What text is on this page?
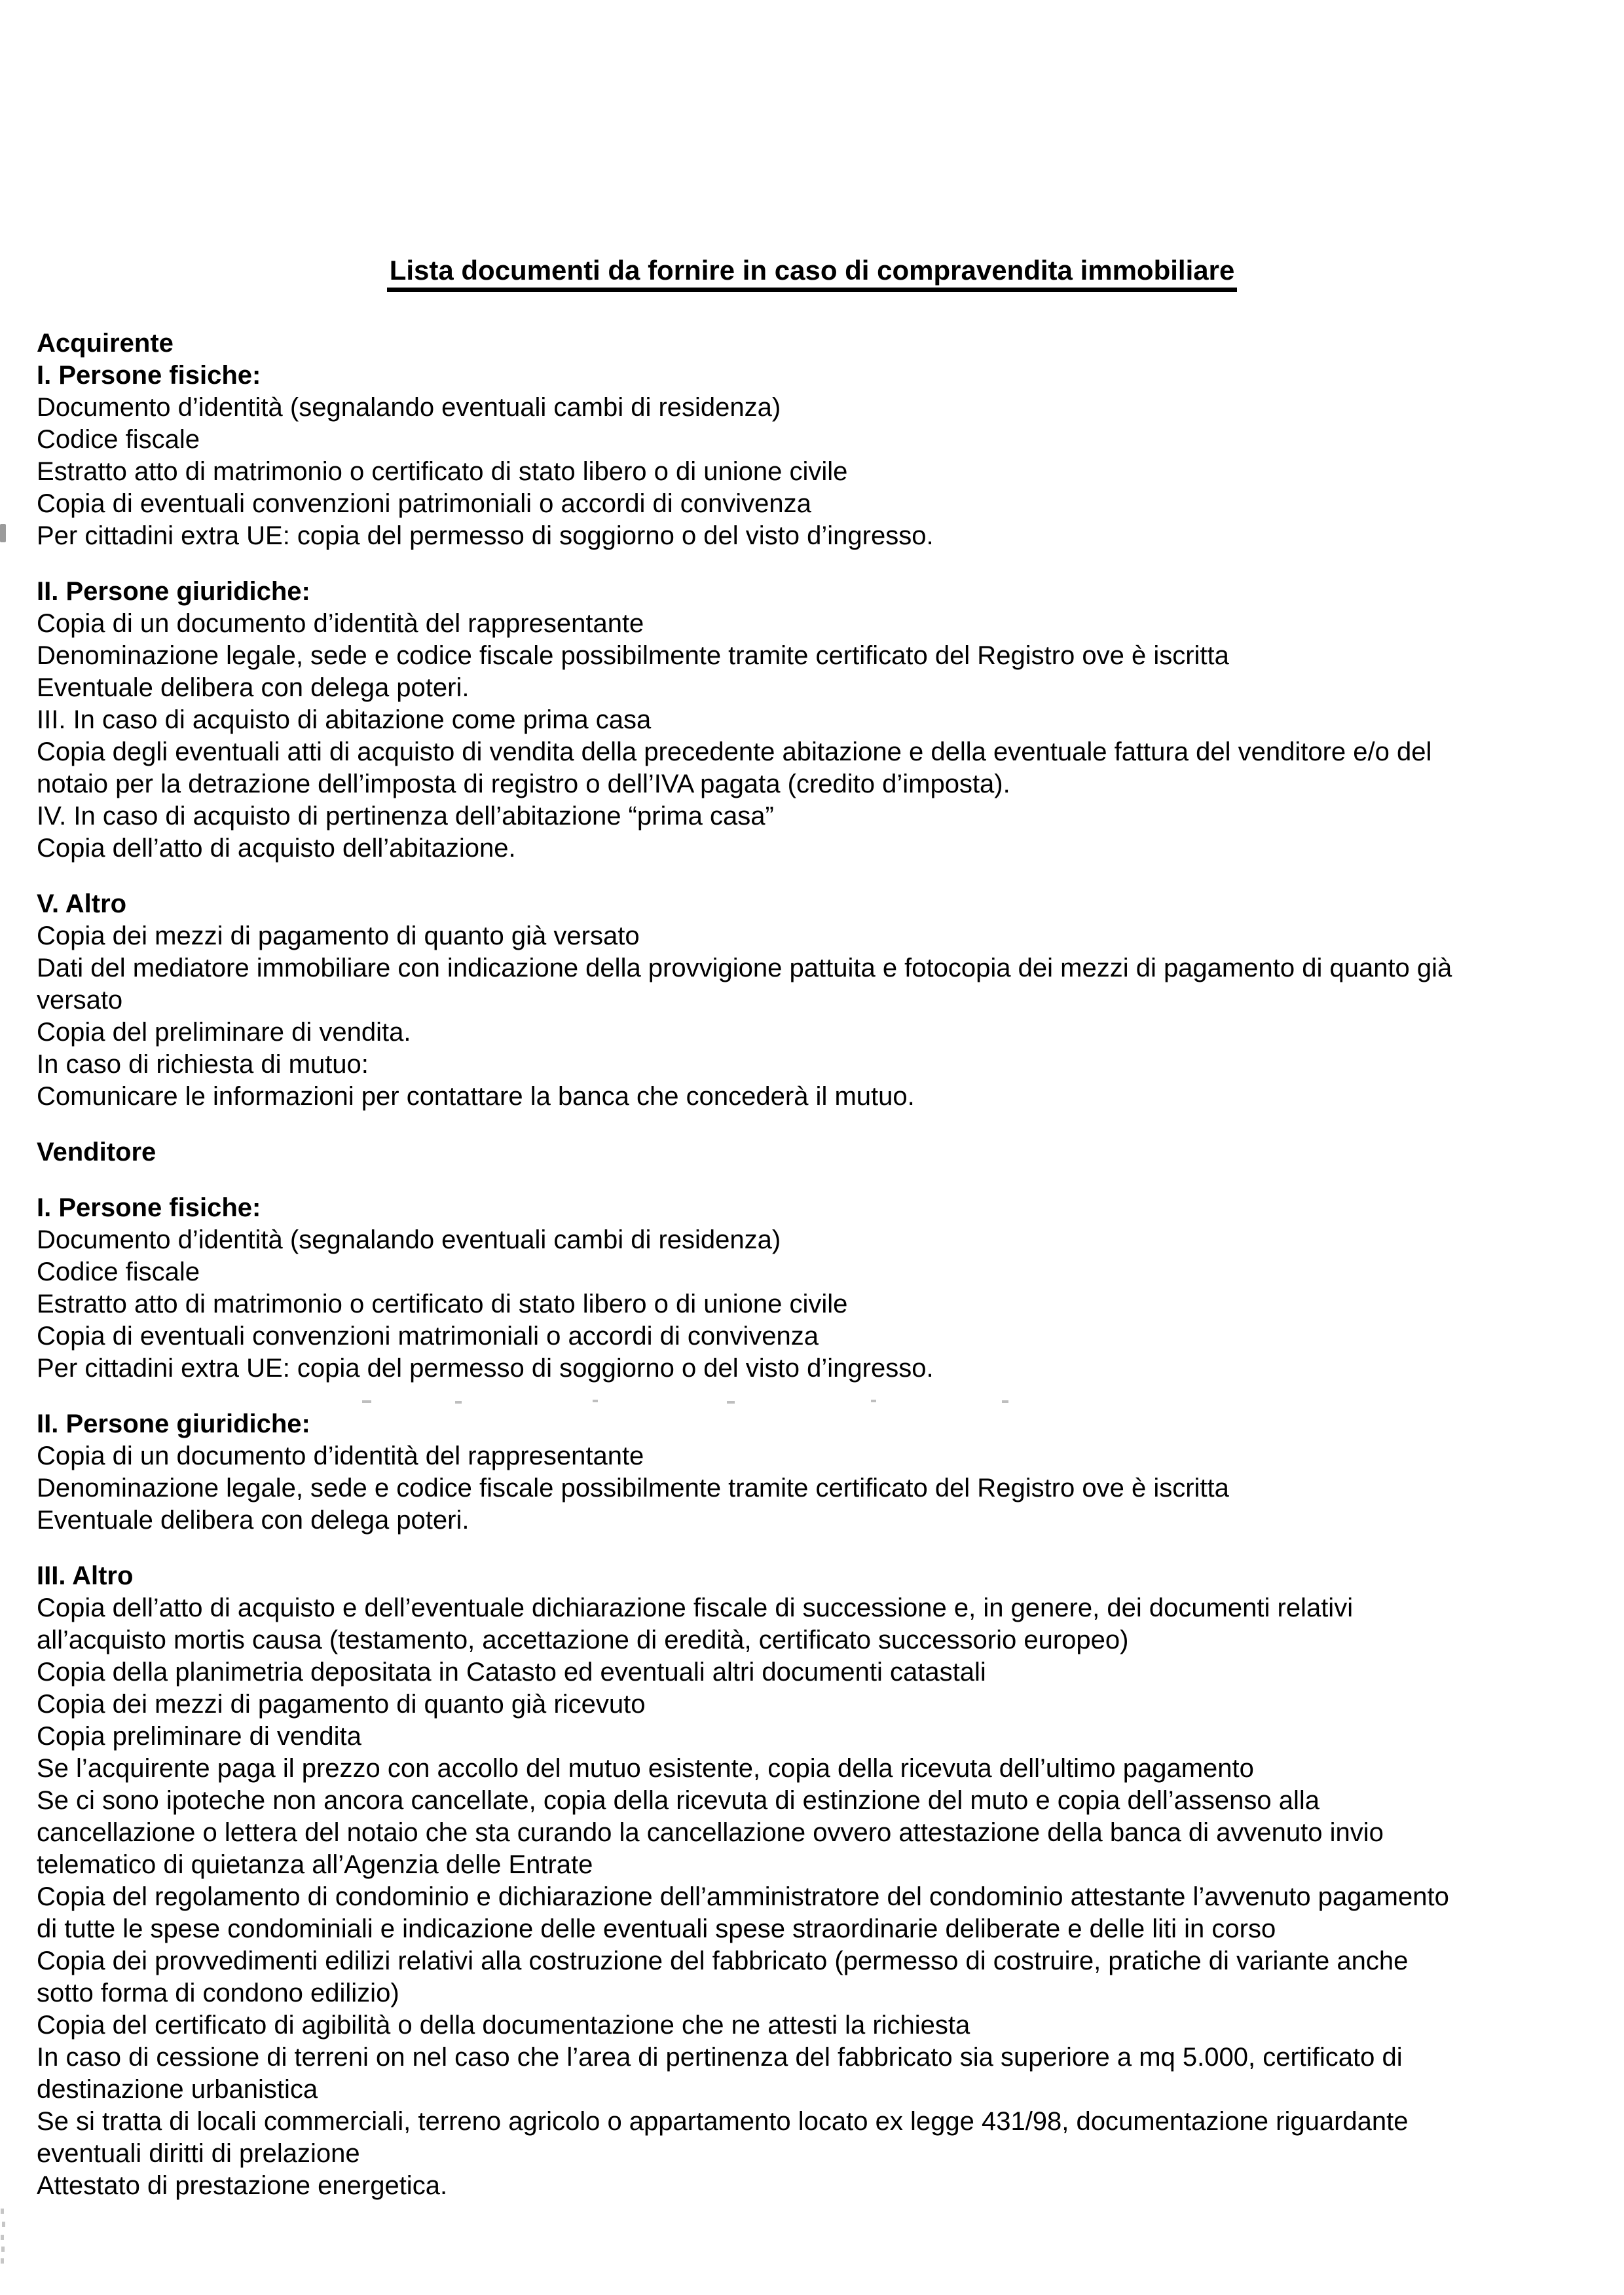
Lista documenti da fornire in caso di compravendita immobiliare
Acquirente
I. Persone fisiche:
Documento d’identità (segnalando eventuali cambi di residenza)
Codice fiscale
Estratto atto di matrimonio o certificato di stato libero o di unione civile
Copia di eventuali convenzioni patrimoniali o accordi di convivenza
Per cittadini extra UE: copia del permesso di soggiorno o del visto d’ingresso.
II. Persone giuridiche:
Copia di un documento d’identità del rappresentante
Denominazione legale, sede e codice fiscale possibilmente tramite certificato del Registro ove è iscritta
Eventuale delibera con delega poteri.
III. In caso di acquisto di abitazione come prima casa
Copia degli eventuali atti di acquisto di vendita della precedente abitazione e della eventuale fattura del venditore e/o del
notaio per la detrazione dell’imposta di registro o dell’IVA pagata (credito d’imposta).
IV. In caso di acquisto di pertinenza dell’abitazione “prima casa”
Copia dell’atto di acquisto dell’abitazione.
V. Altro
Copia dei mezzi di pagamento di quanto già versato
Dati del mediatore immobiliare con indicazione della provvigione pattuita e fotocopia dei mezzi di pagamento di quanto già
versato
Copia del preliminare di vendita.
In caso di richiesta di mutuo:
Comunicare le informazioni per contattare la banca che concederà il mutuo.
Venditore
I. Persone fisiche:
Documento d’identità (segnalando eventuali cambi di residenza)
Codice fiscale
Estratto atto di matrimonio o certificato di stato libero o di unione civile
Copia di eventuali convenzioni matrimoniali o accordi di convivenza
Per cittadini extra UE: copia del permesso di soggiorno o del visto d’ingresso.
II. Persone giuridiche:
Copia di un documento d’identità del rappresentante
Denominazione legale, sede e codice fiscale possibilmente tramite certificato del Registro ove è iscritta
Eventuale delibera con delega poteri.
III. Altro
Copia dell’atto di acquisto e dell’eventuale dichiarazione fiscale di successione e, in genere, dei documenti relativi
all’acquisto mortis causa (testamento, accettazione di eredità, certificato successorio europeo)
Copia della planimetria depositata in Catasto ed eventuali altri documenti catastali
Copia dei mezzi di pagamento di quanto già ricevuto
Copia preliminare di vendita
Se l’acquirente paga il prezzo con accollo del mutuo esistente, copia della ricevuta dell’ultimo pagamento
Se ci sono ipoteche non ancora cancellate, copia della ricevuta di estinzione del muto e copia dell’assenso alla
cancellazione o lettera del notaio che sta curando la cancellazione ovvero attestazione della banca di avvenuto invio
telematico di quietanza all’Agenzia delle Entrate
Copia del regolamento di condominio e dichiarazione dell’amministratore del condominio attestante l’avvenuto pagamento
di tutte le spese condominiali e indicazione delle eventuali spese straordinarie deliberate e delle liti in corso
Copia dei provvedimenti edilizi relativi alla costruzione del fabbricato (permesso di costruire, pratiche di variante anche
sotto forma di condono edilizio)
Copia del certificato di agibilità o della documentazione che ne attesti la richiesta
In caso di cessione di terreni on nel caso che l’area di pertinenza del fabbricato sia superiore a mq 5.000, certificato di
destinazione urbanistica
Se si tratta di locali commerciali, terreno agricolo o appartamento locato ex legge 431/98, documentazione riguardante
eventuali diritti di prelazione
Attestato di prestazione energetica.
